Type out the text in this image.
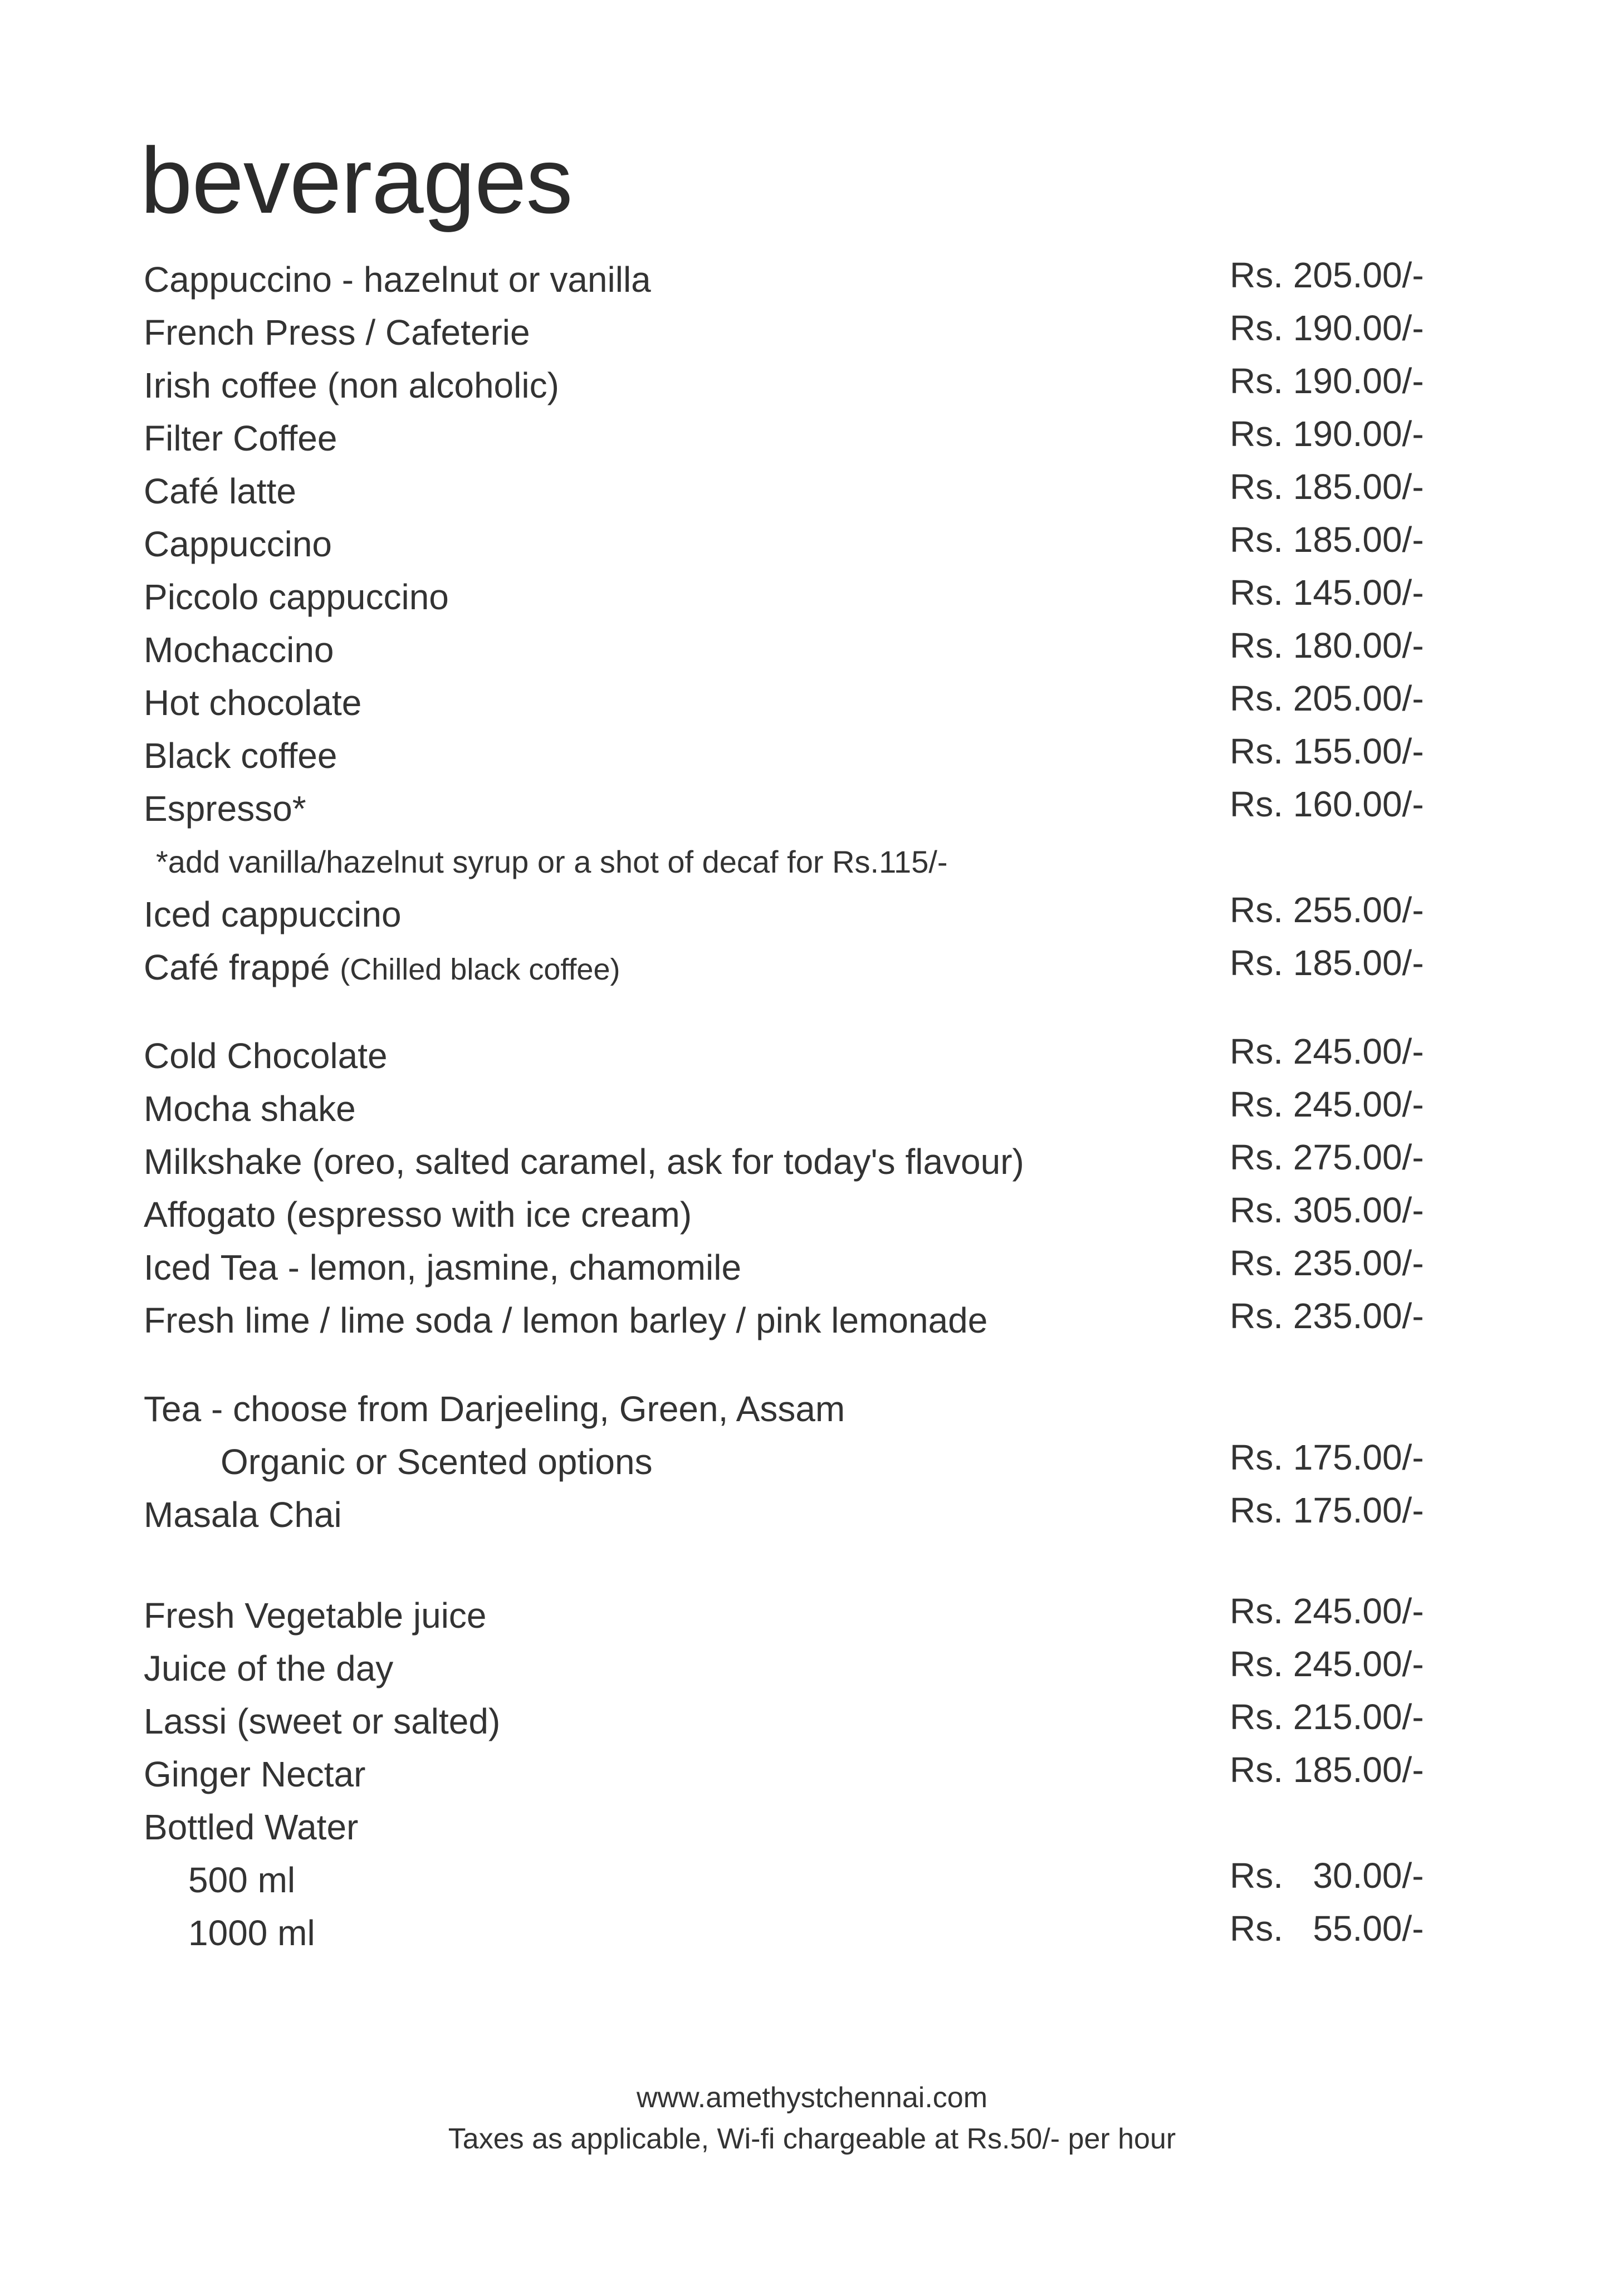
beverages
Cappuccino - hazelnut or vanilla	Rs. 205.00/-
French Press / Cafeterie	Rs. 190.00/-
Irish coffee (non alcoholic)	Rs. 190.00/-
Filter Coffee	Rs. 190.00/-
Café latte	Rs. 185.00/-
Cappuccino	Rs. 185.00/-
Piccolo cappuccino	Rs. 145.00/-
Mochaccino	Rs. 180.00/-
Hot chocolate	Rs. 205.00/-
Black coffee	Rs. 155.00/-
Espresso*	Rs. 160.00/-
*add vanilla/hazelnut syrup or a shot of decaf for Rs.115/-
Iced cappuccino	Rs. 255.00/-
Café frappé (Chilled black coffee)	Rs. 185.00/-
Cold Chocolate	Rs. 245.00/-
Mocha shake	Rs. 245.00/-
Milkshake (oreo, salted caramel, ask for today's flavour)	Rs. 275.00/-
Affogato (espresso with ice cream)	Rs. 305.00/-
Iced Tea - lemon, jasmine, chamomile	Rs. 235.00/-
Fresh lime / lime soda / lemon barley / pink lemonade	Rs. 235.00/-
Tea - choose from Darjeeling, Green, Assam
Organic or Scented options	Rs. 175.00/-
Masala Chai	Rs. 175.00/-
Fresh Vegetable juice	Rs. 245.00/-
Juice of the day	Rs. 245.00/-
Lassi (sweet or salted)	Rs. 215.00/-
Ginger Nectar	Rs. 185.00/-
Bottled Water
500 ml	Rs.   30.00/-
1000 ml	Rs.   55.00/-
www.amethystchennai.com
Taxes as applicable, Wi-fi chargeable at Rs.50/- per hour
